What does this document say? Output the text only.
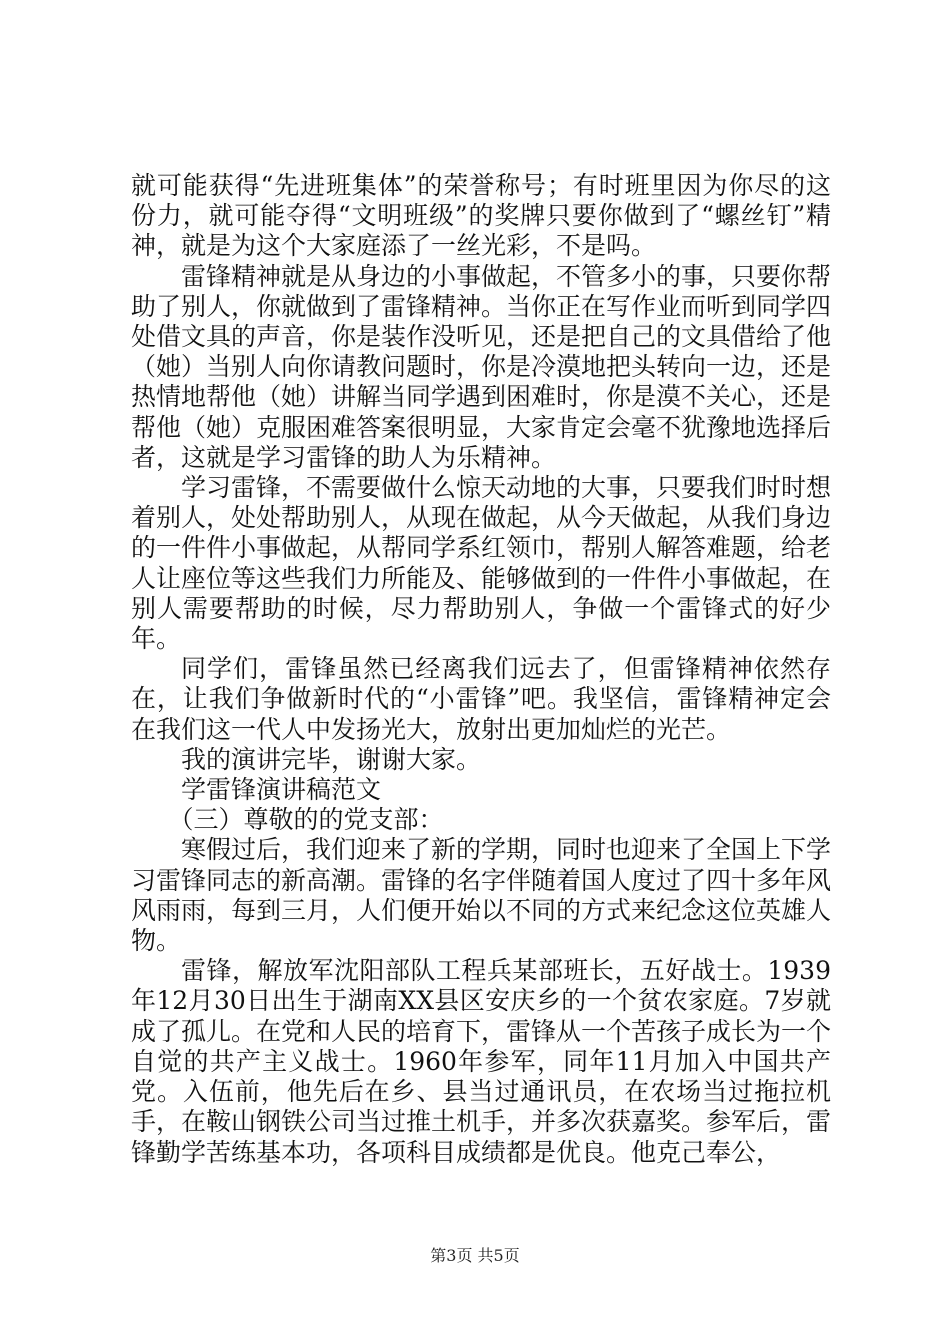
就可能获得“先进班集体”的荣誉称号；有时班里因为你尽的这份力，就可能夺得“文明班级”的奖牌只要你做到了“螺丝钉”精神，就是为这个大家庭添了一丝光彩，不是吗。

雷锋精神就是从身边的小事做起，不管多小的事，只要你帮助了别人，你就做到了雷锋精神。当你正在写作业而听到同学四处借文具的声音，你是装作没听见，还是把自己的文具借给了他（她）当别人向你请教问题时，你是冷漠地把头转向一边，还是热情地帮他（她）讲解当同学遇到困难时，你是漠不关心，还是帮他（她）克服困难答案很明显，大家肯定会毫不犹豫地选择后者，这就是学习雷锋的助人为乐精神。

学习雷锋，不需要做什么惊天动地的大事，只要我们时时想着别人，处处帮助别人，从现在做起，从今天做起，从我们身边的一件件小事做起，从帮同学系红领巾，帮别人解答难题，给老人让座位等这些我们力所能及、能够做到的一件件小事做起，在别人需要帮助的时候，尽力帮助别人，争做一个雷锋式的好少年。

同学们，雷锋虽然已经离我们远去了，但雷锋精神依然存在，让我们争做新时代的“小雷锋”吧。我坚信，雷锋精神定会在我们这一代人中发扬光大，放射出更加灿烂的光芒。

我的演讲完毕，谢谢大家。

学雷锋演讲稿范文

（三）尊敬的的党支部：

寒假过后，我们迎来了新的学期，同时也迎来了全国上下学习雷锋同志的新高潮。雷锋的名字伴随着国人度过了四十多年风风雨雨，每到三月，人们便开始以不同的方式来纪念这位英雄人物。

雷锋，解放军沈阳部队工程兵某部班长，五好战士。1939年12月30日出生于湖南XX县区安庆乡的一个贫农家庭。7岁就成了孤儿。在党和人民的培育下，雷锋从一个苦孩子成长为一个自觉的共产主义战士。1960年参军，同年11月加入中国共产党。入伍前，他先后在乡、县当过通讯员，在农场当过拖拉机手，在鞍山钢铁公司当过推土机手，并多次获嘉奖。参军后，雷锋勤学苦练基本功，各项科目成绩都是优良。他克己奉公，

第3页 共5页
